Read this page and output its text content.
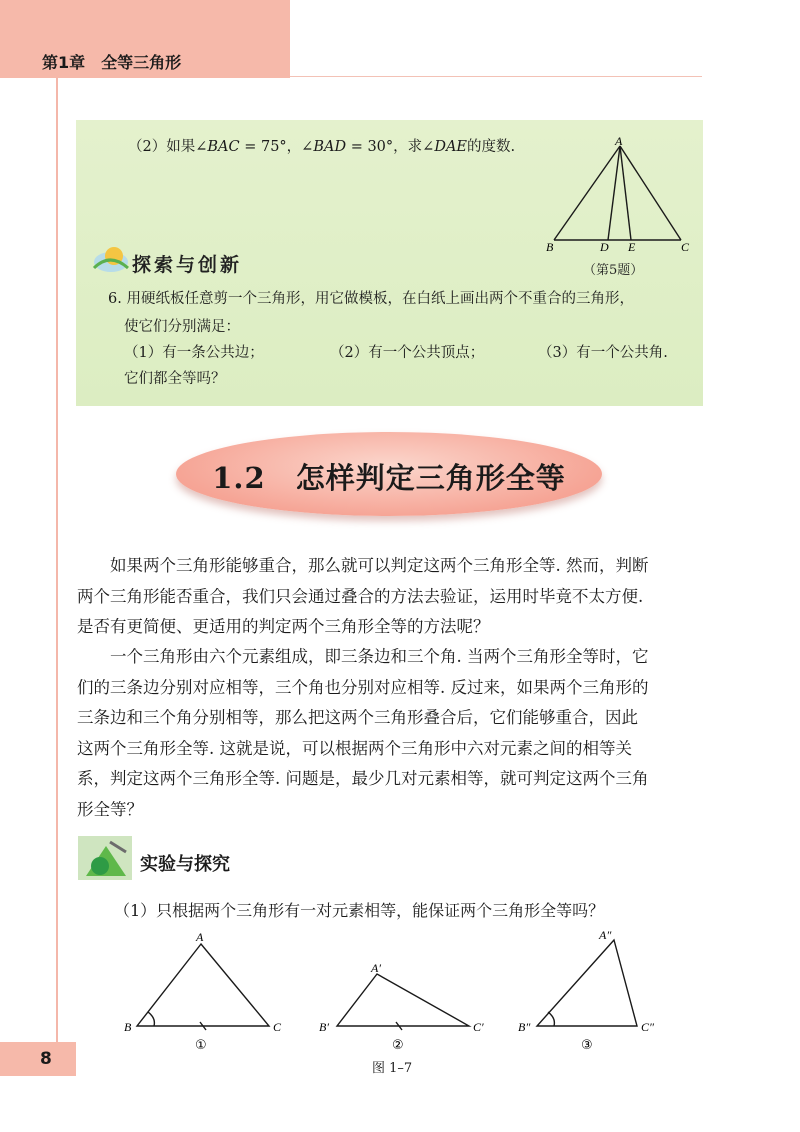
第1章　全等三角形
（2）如果∠BAC = 75°，∠BAD = 30°，求∠DAE的度数.
探索与创新	（第5题）
6. 用硬纸板任意剪一个三角形，用它做模板，在白纸上画出两个不重合的三角形，
使它们分别满足：
（1）有一条公共边；	（2）有一个公共顶点；	（3）有一个公共角.
它们都全等吗？
1.2　 怎样判定三角形全等

如果两个三角形能够重合，那么就可以判定这两个三角形全等. 然而，判断

两个三角形能否重合，我们只会通过叠合的方法去验证，运用时毕竟不太方便.
是否有更简便、更适用的判定两个三角形全等的方法呢？

一个三角形由六个元素组成，即三条边和三个角. 当两个三角形全等时，它

们的三条边分别对应相等，三个角也分别对应相等. 反过来，如果两个三角形的
三条边和三个角分别相等，那么把这两个三角形叠合后，它们能够重合，因此
这两个三角形全等. 这就是说，可以根据两个三角形中六对元素之间的相等关
系，判定这两个三角形全等. 问题是，最少几对元素相等，就可判定这两个三角
形全等？
实验与探究
（1）只根据两个三角形有一对元素相等，能保证两个三角形全等吗？
A
B	C
D E
A
B	C
①
A′
B′	C′
②
A″
B″	C″
③
图 1–7
8
